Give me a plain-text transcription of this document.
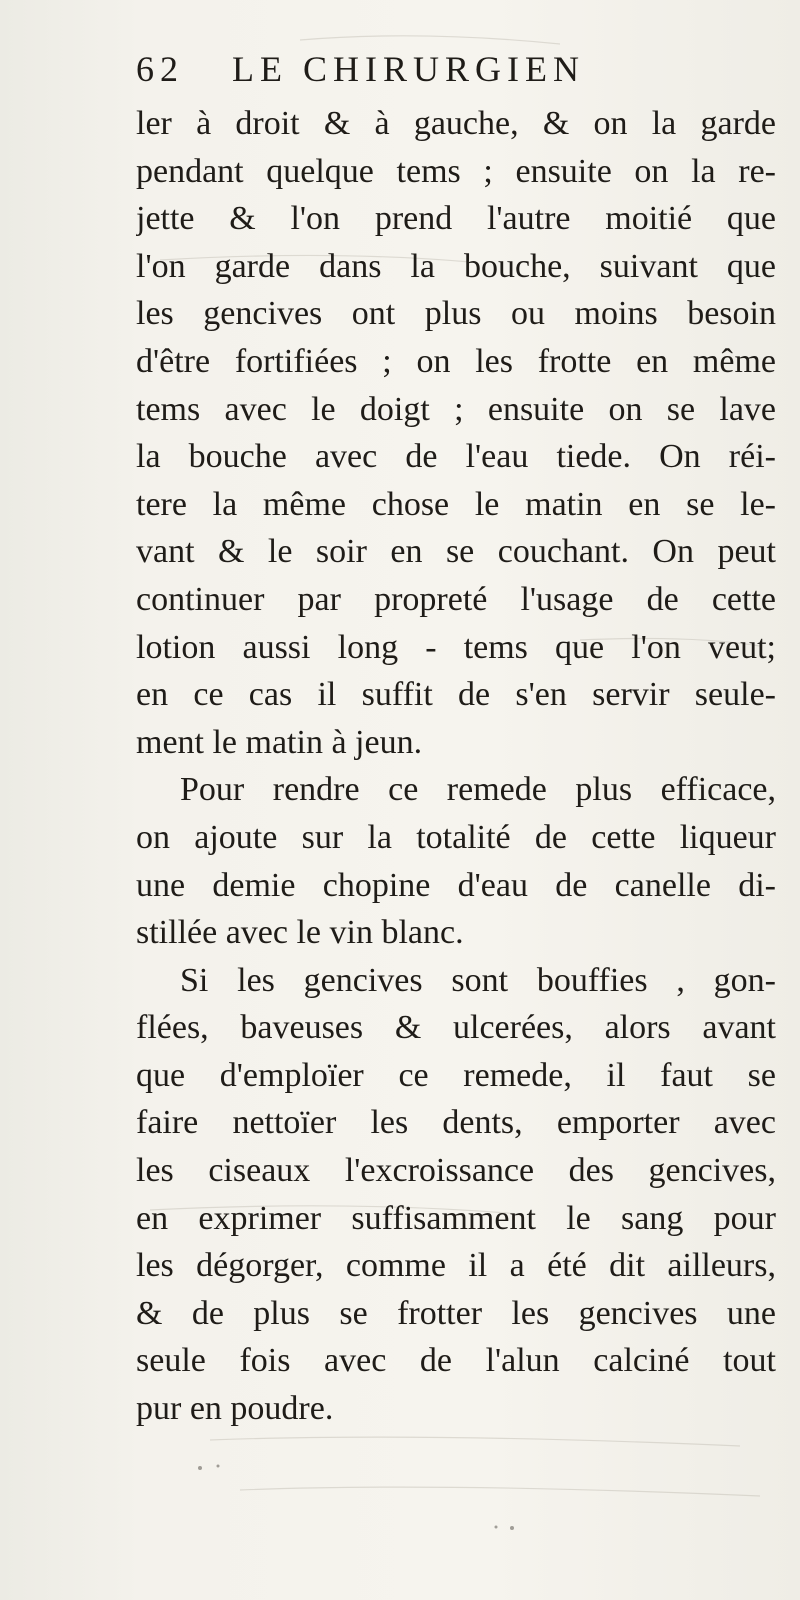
62 LE CHIRURGIEN
ler à droit & à gauche, & on la garde
pendant quelque tems ; ensuite on la re-
jette & l'on prend l'autre moitié que
l'on garde dans la bouche, suivant que
les gencives ont plus ou moins besoin
d'être fortifiées ; on les frotte en même
tems avec le doigt ; ensuite on se lave
la bouche avec de l'eau tiede. On réi-
tere la même chose le matin en se le-
vant & le soir en se couchant. On peut
continuer par propreté l'usage de cette
lotion aussi long - tems que l'on veut;
en ce cas il suffit de s'en servir seule-
ment le matin à jeun.
Pour rendre ce remede plus efficace,
on ajoute sur la totalité de cette liqueur
une demie chopine d'eau de canelle di-
stillée avec le vin blanc.
Si les gencives sont bouffies , gon-
flées, baveuses & ulcerées, alors avant
que d'emploïer ce remede, il faut se
faire nettoïer les dents, emporter avec
les ciseaux l'excroissance des gencives,
en exprimer suffisamment le sang pour
les dégorger, comme il a été dit ailleurs,
& de plus se frotter les gencives une
seule fois avec de l'alun calciné tout
pur en poudre.
